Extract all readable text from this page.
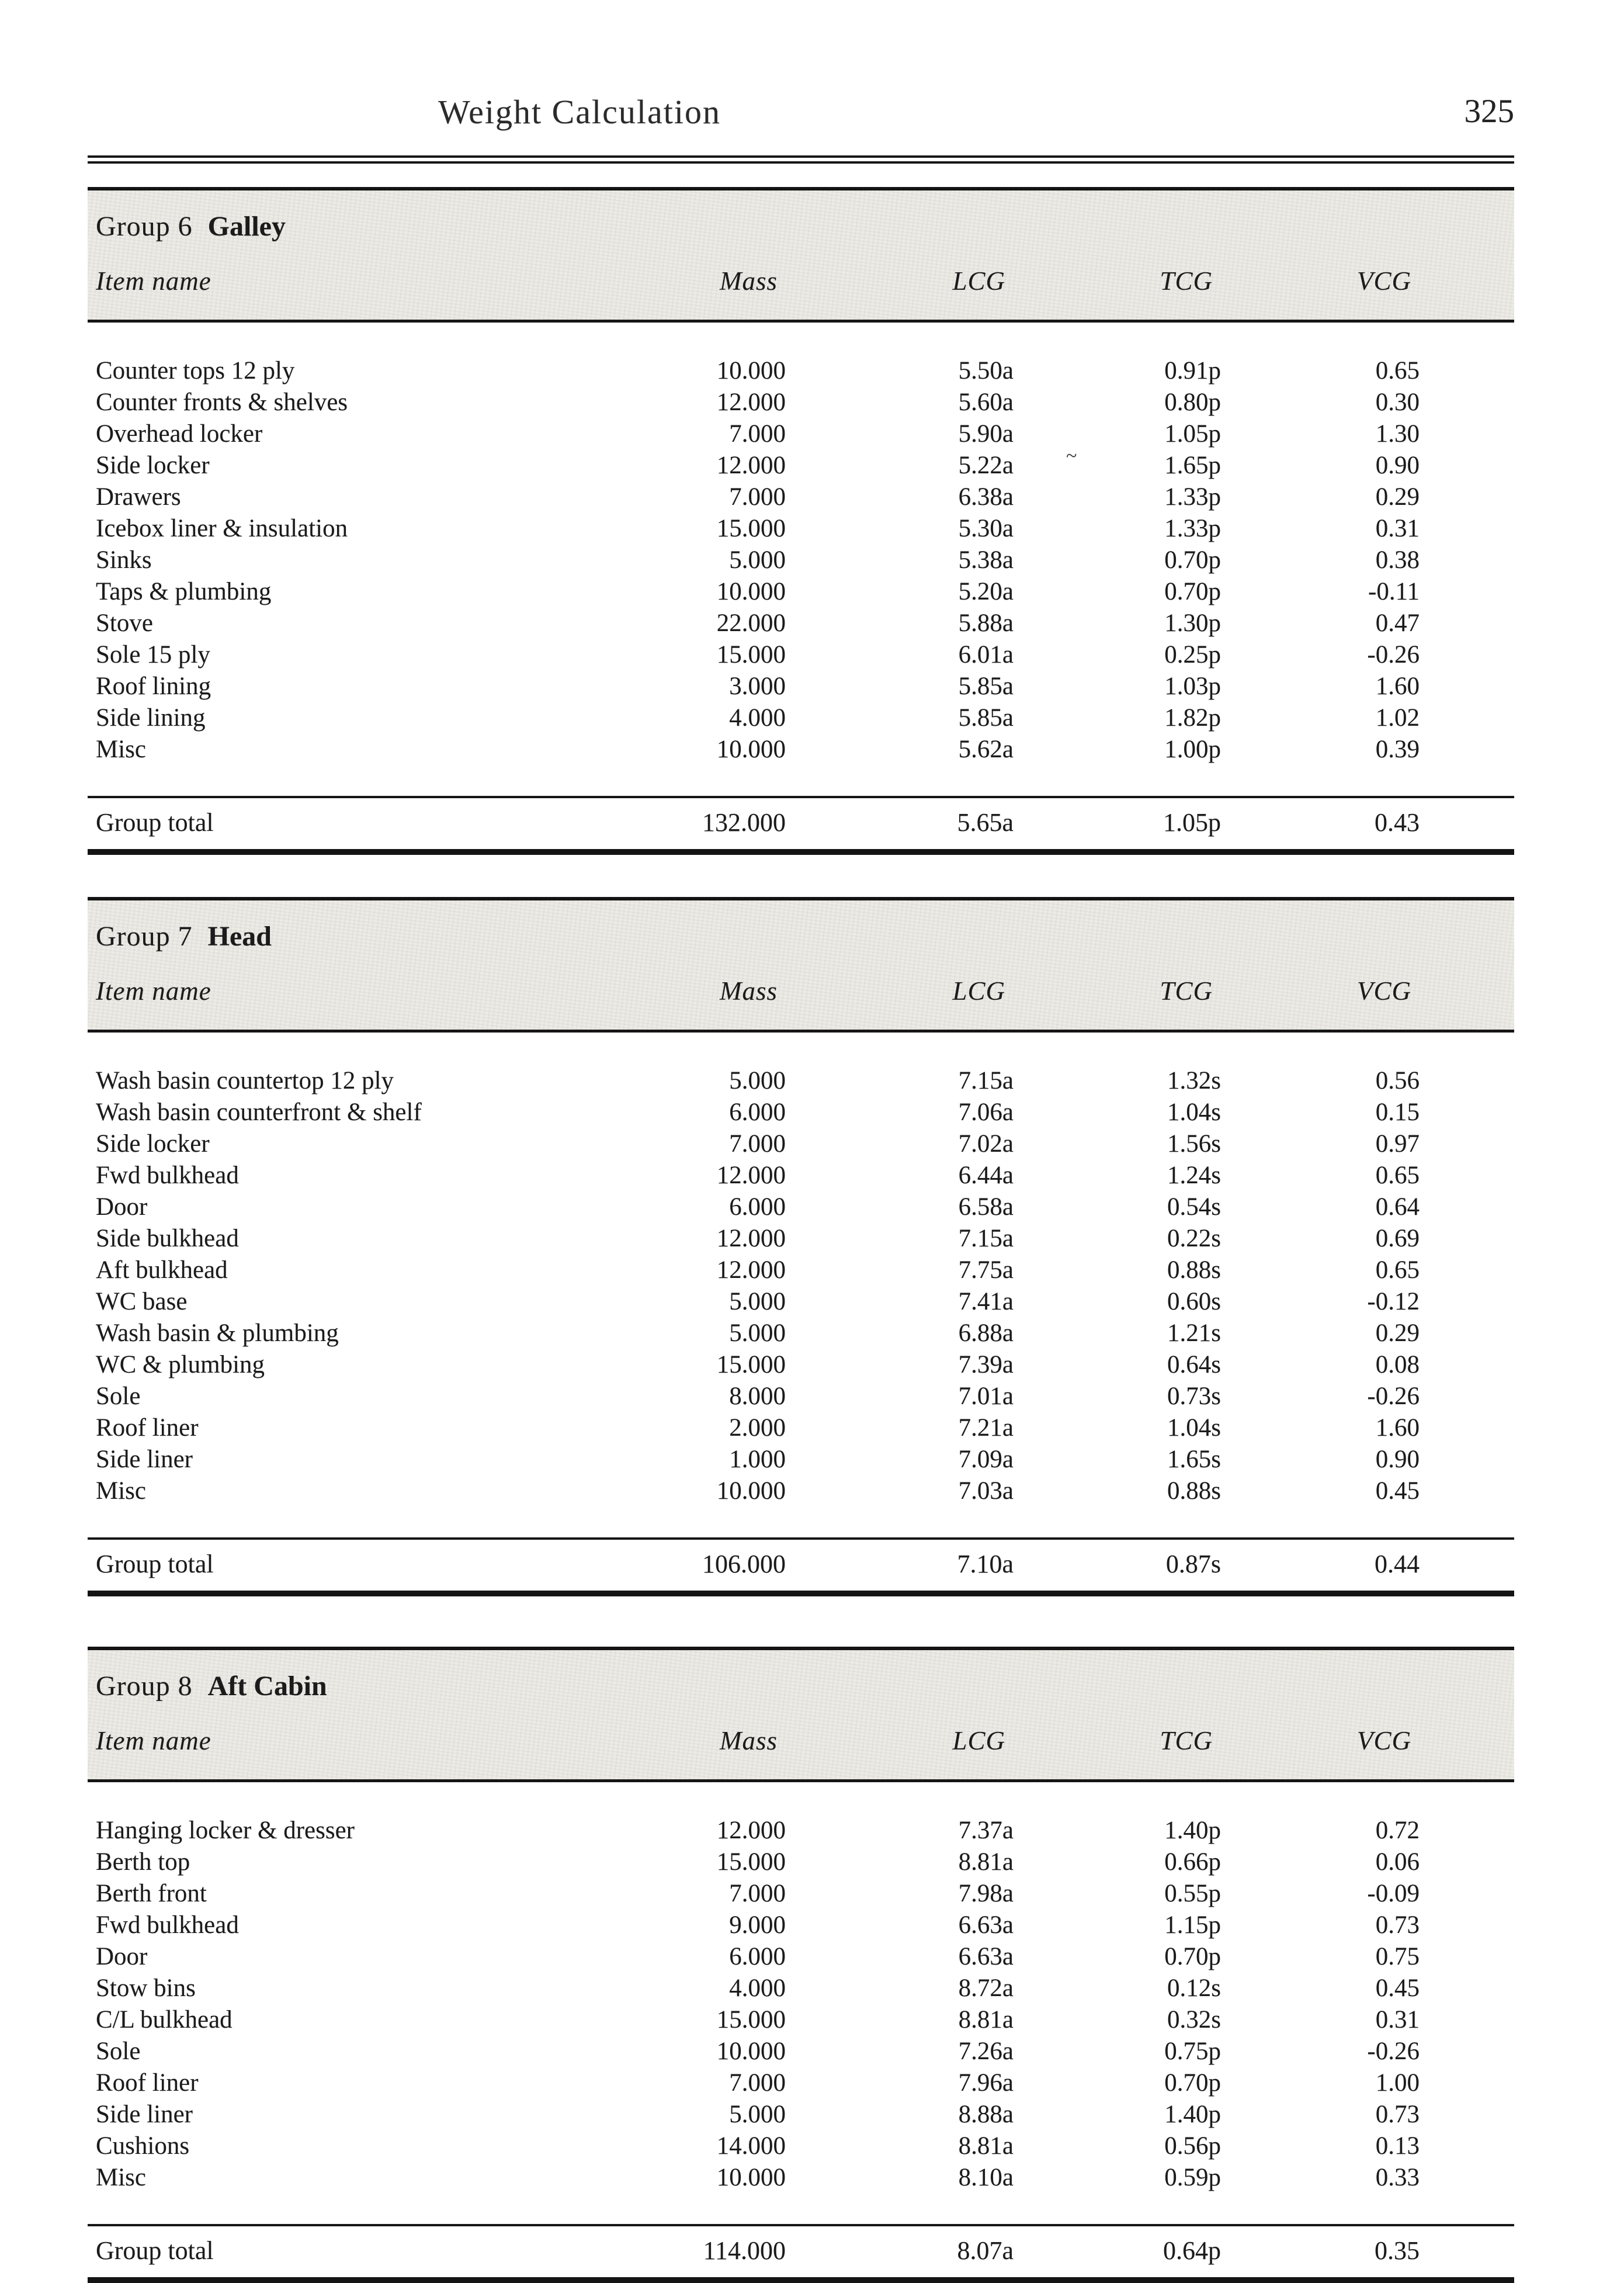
Weight Calculation	325
Group 6 Galley
Item name	Mass	LCG	TCG	VCG
~
Counter tops 12 ply	10.000	5.50a	0.91p	0.65
Counter fronts & shelves	12.000	5.60a	0.80p	0.30
Overhead locker	7.000	5.90a	1.05p	1.30
Side locker	12.000	5.22a	1.65p	0.90
Drawers	7.000	6.38a	1.33p	0.29
Icebox liner & insulation	15.000	5.30a	1.33p	0.31
Sinks	5.000	5.38a	0.70p	0.38
Taps & plumbing	10.000	5.20a	0.70p	-0.11
Stove	22.000	5.88a	1.30p	0.47
Sole 15 ply	15.000	6.01a	0.25p	-0.26
Roof lining	3.000	5.85a	1.03p	1.60
Side lining	4.000	5.85a	1.82p	1.02
Misc	10.000	5.62a	1.00p	0.39
Group total	132.000	5.65a	1.05p	0.43
Group 7 Head
Item name	Mass	LCG	TCG	VCG
Wash basin countertop 12 ply	5.000	7.15a	1.32s	0.56
Wash basin counterfront & shelf	6.000	7.06a	1.04s	0.15
Side locker	7.000	7.02a	1.56s	0.97
Fwd bulkhead	12.000	6.44a	1.24s	0.65
Door	6.000	6.58a	0.54s	0.64
Side bulkhead	12.000	7.15a	0.22s	0.69
Aft bulkhead	12.000	7.75a	0.88s	0.65
WC base	5.000	7.41a	0.60s	-0.12
Wash basin & plumbing	5.000	6.88a	1.21s	0.29
WC & plumbing	15.000	7.39a	0.64s	0.08
Sole	8.000	7.01a	0.73s	-0.26
Roof liner	2.000	7.21a	1.04s	1.60
Side liner	1.000	7.09a	1.65s	0.90
Misc	10.000	7.03a	0.88s	0.45
Group total	106.000	7.10a	0.87s	0.44
Group 8 Aft Cabin
Item name	Mass	LCG	TCG	VCG
Hanging locker & dresser	12.000	7.37a	1.40p	0.72
Berth top	15.000	8.81a	0.66p	0.06
Berth front	7.000	7.98a	0.55p	-0.09
Fwd bulkhead	9.000	6.63a	1.15p	0.73
Door	6.000	6.63a	0.70p	0.75
Stow bins	4.000	8.72a	0.12s	0.45
C/L bulkhead	15.000	8.81a	0.32s	0.31
Sole	10.000	7.26a	0.75p	-0.26
Roof liner	7.000	7.96a	0.70p	1.00
Side liner	5.000	8.88a	1.40p	0.73
Cushions	14.000	8.81a	0.56p	0.13
Misc	10.000	8.10a	0.59p	0.33
Group total	114.000	8.07a	0.64p	0.35
